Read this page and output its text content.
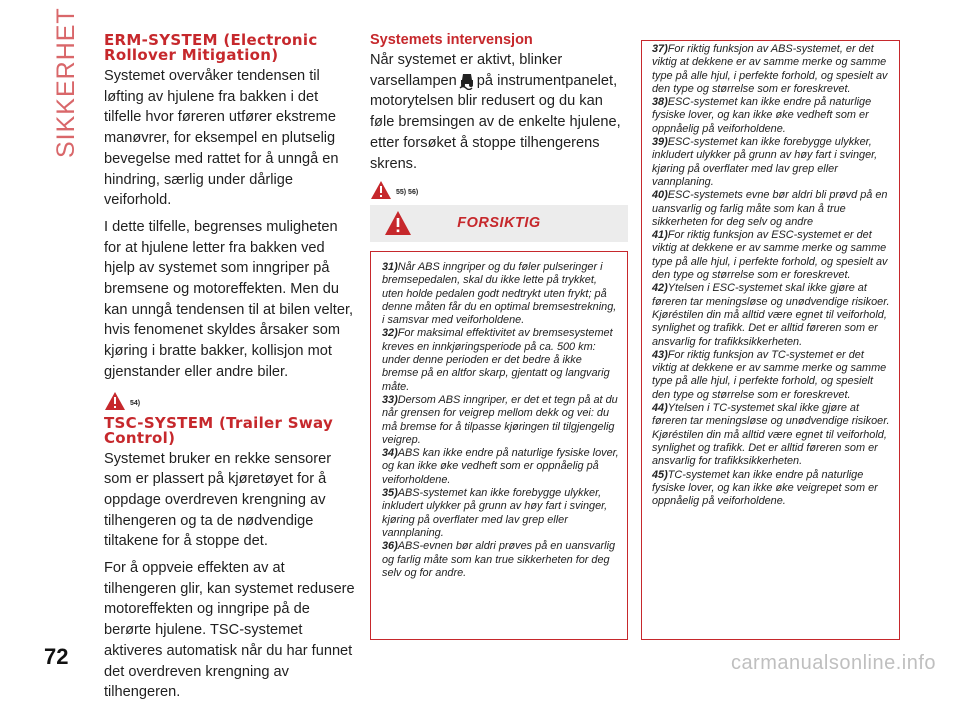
SIKKERHET ERM-SYSTEM (Electronic Rollover Mitigation)

Systemet overvåker tendensen til løfting av hjulene fra bakken i det tilfelle hvor føreren utfører ekstreme manøvrer, for eksempel en plutselig bevegelse med rattet for å unngå en hindring, særlig under dårlige veiforhold.

I dette tilfelle, begrenses muligheten for at hjulene letter fra bakken ved hjelp av systemet som inngriper på bremsene og motoreffekten. Men du kan unngå tendensen til at bilen velter, hvis fenomenet skyldes årsaker som kjøring i bratte bakker, kollisjon mot gjenstander eller andre biler.

54)
TSC-SYSTEM (Trailer Sway Control)

Systemet bruker en rekke sensorer som er plassert på kjøretøyet for å oppdage overdreven krengning av tilhengeren og ta de nødvendige tiltakene for å stoppe det.

For å oppveie effekten av at tilhengeren glir, kan systemet redusere motoreffekten og inngripe på de berørte hjulene. TSC-systemet aktiveres automatisk når du har funnet det overdreven krengning av tilhengeren.

Systemets intervensjon

Når systemet er aktivt, blinker varsellampen på instrumentpanelet, motorytelsen blir redusert og du kan føle bremsingen av de enkelte hjulene, etter forsøket å stoppe tilhengerens skrens.

55) 56)
FORSIKTIG

31)Når ABS inngriper og du føler pulseringer i bremsepedalen, skal du ikke lette på trykket, uten holde pedalen godt nedtrykt uten frykt; på denne måten får du en optimal bremsestrekning, i samsvar med veiforholdene.

32)For maksimal effektivitet av bremsesystemet kreves en innkjøringsperiode på ca. 500 km: under denne perioden er det bedre å ikke bremse på en altfor skarp, gjentatt og langvarig måte.

33)Dersom ABS inngriper, er det et tegn på at du når grensen for veigrep mellom dekk og vei: du må bremse for å tilpasse kjøringen til tilgjengelig veigrep.

34)ABS kan ikke endre på naturlige fysiske lover, og kan ikke øke vedheft som er oppnåelig på veiforholdene.

35)ABS-systemet kan ikke forebygge ulykker, inkludert ulykker på grunn av høy fart i svinger, kjøring på overflater med lav grep eller vannplaning.

36)ABS-evnen bør aldri prøves på en uansvarlig og farlig måte som kan true sikkerheten for deg selv og for andre.

37)For riktig funksjon av ABS-systemet, er det viktig at dekkene er av samme merke og samme type på alle hjul, i perfekte forhold, og spesielt av den type og størrelse som er foreskrevet.

38)ESC-systemet kan ikke endre på naturlige fysiske lover, og kan ikke øke vedheft som er oppnåelig på veiforholdene.

39)ESC-systemet kan ikke forebygge ulykker, inkludert ulykker på grunn av høy fart i svinger, kjøring på overflater med lav grep eller vannplaning.

40)ESC-systemets evne bør aldri bli prøvd på en uansvarlig og farlig måte som kan å true sikkerheten for deg selv og andre

41)For riktig funksjon av ESC-systemet er det viktig at dekkene er av samme merke og samme type på alle hjul, i perfekte forhold, og spesielt av den type og størrelse som er foreskrevet.

42)Ytelsen i ESC-systemet skal ikke gjøre at føreren tar meningsløse og unødvendige risikoer. Kjøréstilen din må alltid være egnet til veiforhold, synlighet og trafikk. Det er alltid føreren som er ansvarlig for trafikksikkerheten.

43)For riktig funksjon av TC-systemet er det viktig at dekkene er av samme merke og samme type på alle hjul, i perfekte forhold, og spesielt den type og størrelse som er foreskrevet.

44)Ytelsen i TC-systemet skal ikke gjøre at føreren tar meningsløse og unødvendige risikoer. Kjøréstilen din må alltid være egnet til veiforhold, synlighet og trafikk. Det er alltid føreren som er ansvarlig for trafikksikkerheten.

45)TC-systemet kan ikke endre på naturlige fysiske lover, og kan ikke øke veigrepet som er oppnåelig på veiforholdene.

72	carmanualsonline.info
